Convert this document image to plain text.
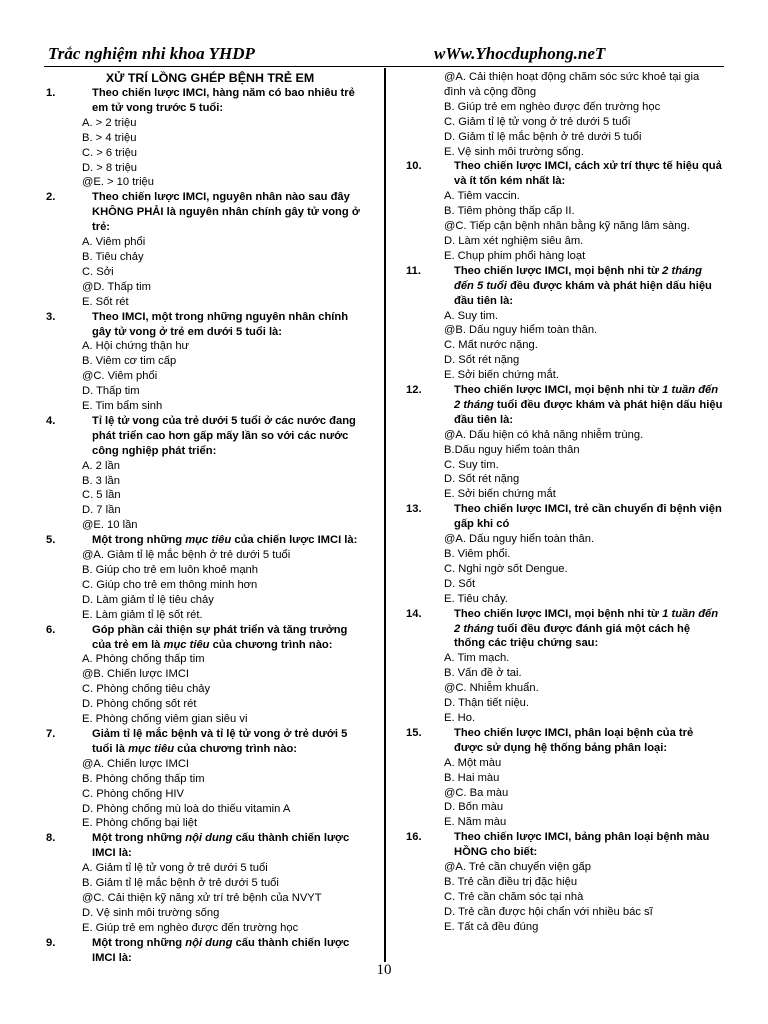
Trắc nghiệm nhi khoa YHDP	wWw.Yhocduphong.neT
XỬ TRÍ LỒNG GHÉP BỆNH TRẺ EM
1.	Theo chiến lược IMCI, hàng năm có bao nhiêu trẻ em tử vong trước 5 tuổi:
A. > 2 triệu
B. > 4 triệu
C. > 6 triệu
D. > 8 triệu
@E. > 10 triệu
2.	Theo chiến lược IMCI, nguyên nhân nào sau đây KHÔNG PHẢI là nguyên nhân chính gây tử vong ở trẻ:
A. Viêm phổi
B. Tiêu chảy
C. Sởi
@D. Thấp tim
E. Sốt rét
3.	Theo IMCI, một trong những nguyên nhân chính gây tử vong ở trẻ em dưới 5 tuổi là:
A. Hội chứng thận hư
B. Viêm cơ tim cấp
@C. Viêm phổi
D. Thấp tim
E. Tim bẩm sinh
4.	Tỉ lệ tử vong của trẻ dưới 5 tuổi ở các nước đang phát triển cao hơn gấp mấy lần so với các nước công nghiệp phát triển:
A. 2 lần
B. 3 lần
C. 5 lần
D. 7 lần
@E. 10 lần
5.	Một trong những mục tiêu của chiến lược IMCI là:
@A. Giảm tỉ lệ mắc bệnh ở trẻ dưới 5 tuổi
B. Giúp cho trẻ em luôn khoẻ mạnh
C. Giúp cho trẻ em thông minh hơn
D. Làm giảm tỉ lệ tiêu chảy
E. Làm giảm tỉ lệ sốt rét.
6.	Góp phần cải thiện sự phát triển và tăng trưởng của trẻ em là mục tiêu của chương trình nào:
A. Phòng chống thấp tim
@B. Chiến lược IMCI
C. Phòng chống tiêu chảy
D. Phòng chống sốt rét
E. Phòng chống viêm gian siêu vi
7.	Giảm tỉ lệ mắc bệnh và tỉ lệ tử vong ở trẻ dưới 5 tuổi là mục tiêu của chương trình nào:
@A. Chiến lược IMCI
B. Phòng chống thấp tim
C. Phòng chống HIV
D. Phòng chống mù loà do thiếu vitamin A
E. Phòng chống bại liệt
8.	Một trong những nội dung cấu thành chiến lược IMCI là:
A. Giảm tỉ lệ tử vong ở trẻ dưới 5 tuổi
B. Giảm tỉ lệ mắc bệnh ở trẻ dưới 5 tuổi
@C. Cải thiện kỹ năng xử trí trẻ bệnh của NVYT
D. Vệ sinh môi trường sống
E. Giúp trẻ em nghèo được đến trường học
9.	Một trong những nội dung cấu thành chiến lược IMCI là:
@A. Cải thiện hoạt động chăm sóc sức khoẻ tại gia đình và cộng đồng
B. Giúp trẻ em nghèo được đến trường học
C. Giảm tỉ lệ tử vong ở trẻ dưới 5 tuổi
D. Giảm tỉ lệ mắc bệnh ở trẻ dưới 5 tuổi
E. Vệ sinh môi trường sống.
10.	Theo chiến lược IMCI, cách xử trí thực tế hiệu quả và ít tốn kém nhất là:
A. Tiêm vaccin.
B. Tiêm phòng thấp cấp II.
@C. Tiếp cận bệnh nhân bằng kỹ năng lâm sàng.
D. Làm xét nghiệm siêu âm.
E. Chụp phim phổi hàng loạt
11.	Theo chiến lược IMCI, mọi bệnh nhi từ 2 tháng đến 5 tuổi đều được khám và phát hiện dấu hiệu đầu tiên là:
A. Suy tim.
@B. Dấu nguy hiểm toàn thân.
C. Mất nước nặng.
D. Sốt rét nặng
E. Sởi biến chứng mắt.
12.	Theo chiến lược IMCI, mọi bệnh nhi từ 1 tuần đến 2 tháng tuổi đều được khám và phát hiện dấu hiệu đầu tiên là:
@A. Dấu hiện có khả năng nhiễm trùng.
B.Dấu nguy hiểm toàn thân
C. Suy tim.
D. Sốt rét nặng
E. Sởi biến chứng mắt
13.	Theo chiến lược IMCI, trẻ cần chuyển đi bệnh viện gấp khi có
@A. Dấu nguy hiển toàn thân.
B. Viêm phổi.
C. Nghi ngờ sốt Dengue.
D. Sốt
E. Tiêu chảy.
14.	Theo chiến lược IMCI, mọi bệnh nhi từ 1 tuần đến 2 tháng tuổi đều được đánh giá một cách hệ thống các triệu chứng sau:
A. Tim mạch.
B. Vấn đề ở tai.
@C. Nhiễm khuẩn.
D. Thận tiết niệu.
E. Ho.
15.	Theo chiến lược IMCI, phân loại bệnh của trẻ được sử dụng hệ thống bảng phân loại:
A. Một màu
B. Hai màu
@C. Ba màu
D. Bốn màu
E. Năm màu
16.	Theo chiến lược IMCI, bảng phân loại bệnh màu HỒNG cho biết:
@A. Trẻ cần chuyển viện gấp
B. Trẻ cần điều trị đặc hiệu
C. Trẻ cần chăm sóc tại nhà
D. Trẻ cần được hội chẩn với nhiều bác sĩ
E. Tất cả đều đúng
10
